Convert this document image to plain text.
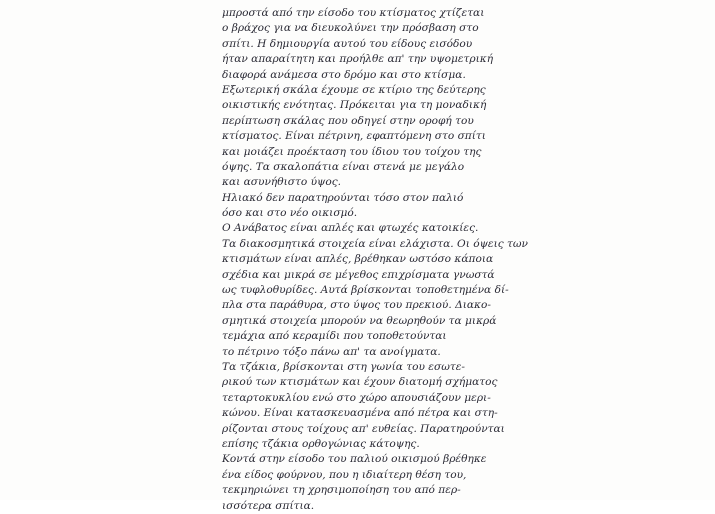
μπροστά από την είσοδο του κτίσματος χτίζεται
ο βράχος για να διευκολύνει την πρόσβαση στο
σπίτι. Η δημιουργία αυτού του είδους εισόδου
ήταν απαραίτητη και προήλθε απ' την υψομετρική
διαφορά ανάμεσα στο δρόμο και στο κτίσμα.
Εξωτερική σκάλα έχουμε σε κτίριο της δεύτερης
οικιστικής ενότητας. Πρόκειται για τη μοναδική
περίπτωση σκάλας που οδηγεί στην οροφή του
κτίσματος. Είναι πέτρινη, εφαπτόμενη στο σπίτι
και μοιάζει προέκταση του ίδιου του τοίχου της
όψης. Τα σκαλοπάτια είναι στενά με μεγάλο
και ασυνήθιστο ύψος.
Ηλιακό δεν παρατηρούνται τόσο στον παλιό
όσο και στο νέο οικισμό.
Ο Ανάβατος είναι απλές και φτωχές κατοικίες.
Τα διακοσμητικά στοιχεία είναι ελάχιστα. Οι όψεις των
κτισμάτων είναι απλές, βρέθηκαν ωστόσο κάποια
σχέδια και μικρά σε μέγεθος επιχρίσματα γνωστά
ως τυφλοθυρίδες. Αυτά βρίσκονται τοποθετημένα δί-
πλα στα παράθυρα, στο ύψος του πρεκιού. Διακο-
σμητικά στοιχεία μπορούν να θεωρηθούν τα μικρά
τεμάχια από κεραμίδι που τοποθετούνται
το πέτρινο τόξο πάνω απ' τα ανοίγματα.
Τα τζάκια, βρίσκονται στη γωνία του εσωτε-
ρικού των κτισμάτων και έχουν διατομή σχήματος
τεταρτοκυκλίου ενώ στο χώρο απουσιάζουν μερι-
κώνου. Είναι κατασκευασμένα από πέτρα και στη-
ρίζονται στους τοίχους απ' ευθείας. Παρατηρούνται
επίσης τζάκια ορθογώνιας κάτοψης.
Κοντά στην είσοδο του παλιού οικισμού βρέθηκε
ένα είδος φούρνου, που η ιδιαίτερη θέση του,
τεκμηριώνει τη χρησιμοποίηση του από περ-
ισσότερα σπίτια.
